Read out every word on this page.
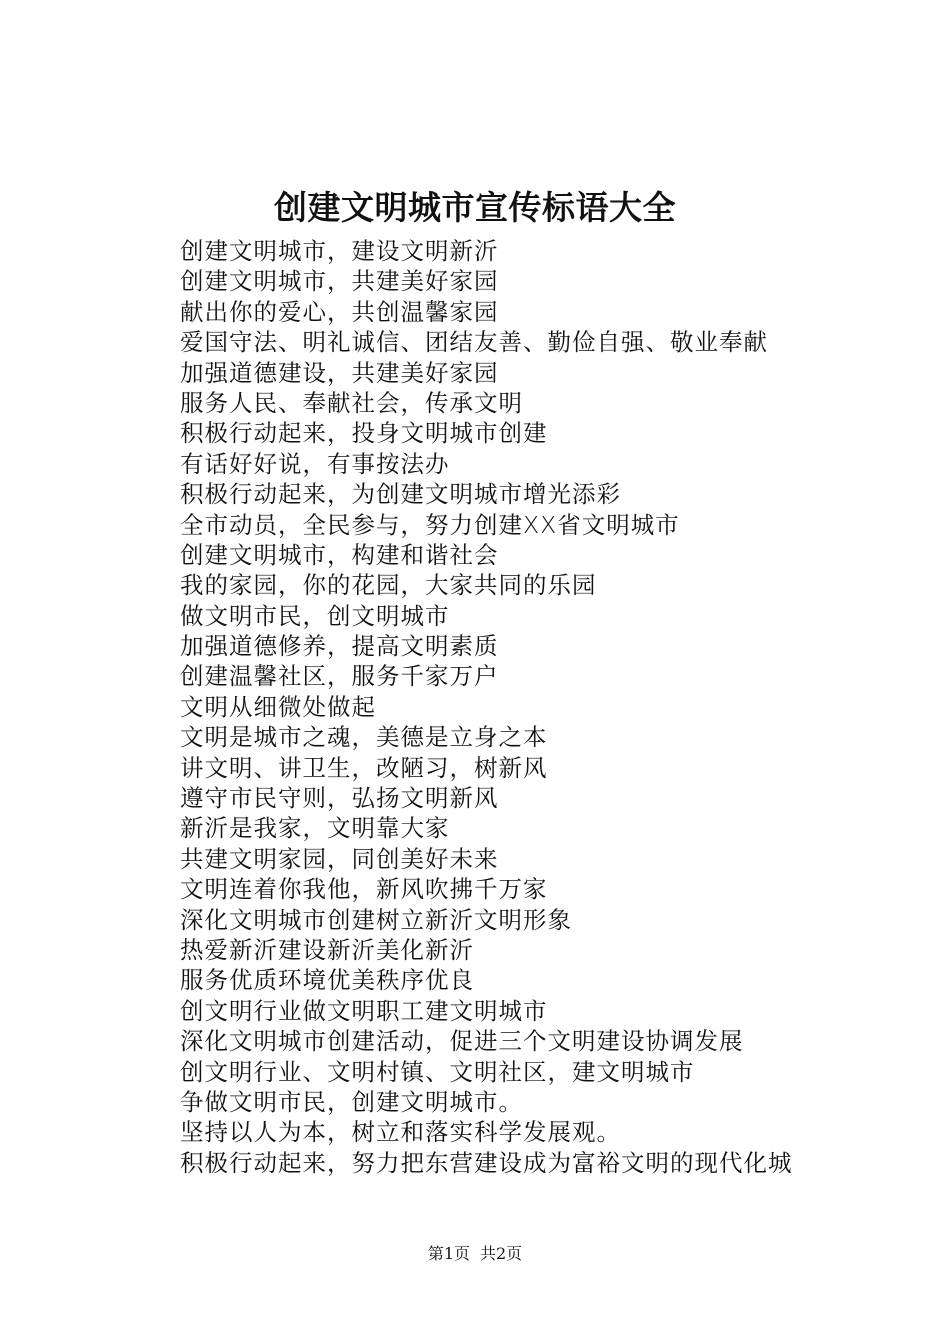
创建文明城市宣传标语大全
创建文明城市，建设文明新沂
创建文明城市，共建美好家园
献出你的爱心，共创温馨家园
爱国守法、明礼诚信、团结友善、勤俭自强、敬业奉献
加强道德建设，共建美好家园
服务人民、奉献社会，传承文明
积极行动起来，投身文明城市创建
有话好好说，有事按法办
积极行动起来，为创建文明城市增光添彩
全市动员，全民参与，努力创建XX省文明城市
创建文明城市，构建和谐社会
我的家园，你的花园，大家共同的乐园
做文明市民，创文明城市
加强道德修养，提高文明素质
创建温馨社区，服务千家万户
文明从细微处做起
文明是城市之魂，美德是立身之本
讲文明、讲卫生，改陋习，树新风
遵守市民守则，弘扬文明新风
新沂是我家，文明靠大家
共建文明家园，同创美好未来
文明连着你我他，新风吹拂千万家
深化文明城市创建树立新沂文明形象
热爱新沂建设新沂美化新沂
服务优质环境优美秩序优良
创文明行业做文明职工建文明城市
深化文明城市创建活动，促进三个文明建设协调发展
创文明行业、文明村镇、文明社区，建文明城市
争做文明市民，创建文明城市。
坚持以人为本，树立和落实科学发展观。
积极行动起来，努力把东营建设成为富裕文明的现代化城
第1页 共2页
